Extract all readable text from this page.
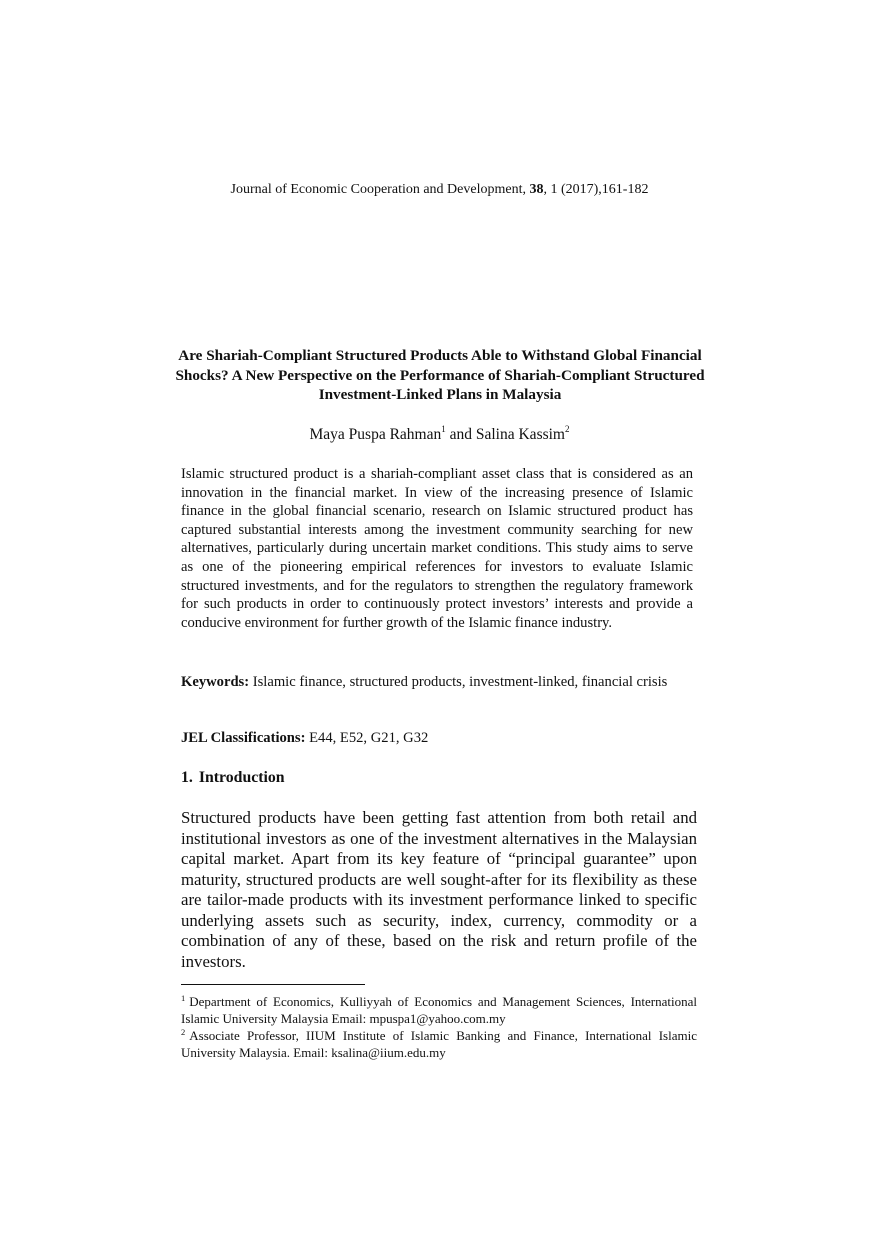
Journal of Economic Cooperation and Development, 38, 1 (2017),161-182
Are Shariah-Compliant Structured Products Able to Withstand Global Financial Shocks? A New Perspective on the Performance of Shariah-Compliant Structured Investment-Linked Plans in Malaysia
Maya Puspa Rahman$^1$ and Salina Kassim$^2$

Islamic structured product is a shariah-compliant asset class that is considered as an innovation in the financial market. In view of the increasing presence of Islamic finance in the global financial scenario, research on Islamic structured product has captured substantial interests among the investment community searching for new alternatives, particularly during uncertain market conditions. This study aims to serve as one of the pioneering empirical references for investors to evaluate Islamic structured investments, and for the regulators to strengthen the regulatory framework for such products in order to continuously protect investors’ interests and provide a conducive environment for further growth of the Islamic finance industry.

Keywords: Islamic finance, structured products, investment-linked, financial crisis

JEL Classifications: E44, E52, G21, G32

1. Introduction

Structured products have been getting fast attention from both retail and institutional investors as one of the investment alternatives in the Malaysian capital market. Apart from its key feature of “principal guarantee” upon maturity, structured products are well sought-after for its flexibility as these are tailor-made products with its investment performance linked to specific underlying assets such as security, index, currency, commodity or a combination of any of these, based on the risk and return profile of the investors.

$^1$ Department of Economics, Kulliyyah of Economics and Management Sciences, International Islamic University Malaysia Email: mpuspa1@yahoo.com.my

$^2$ Associate Professor, IIUM Institute of Islamic Banking and Finance, International Islamic University Malaysia. Email: ksalina@iium.edu.my
